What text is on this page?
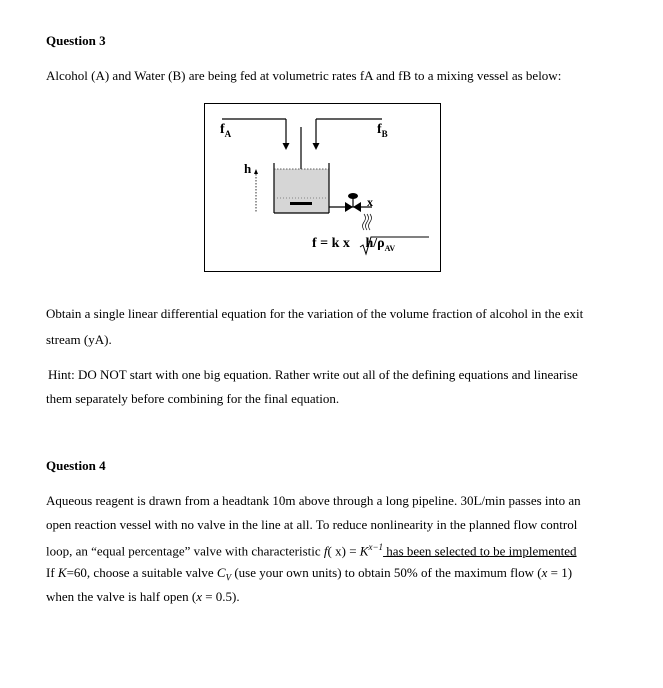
Question 3
Alcohol (A) and Water (B) are being fed at volumetric rates fA and fB to a mixing vessel as below:
$f_A$	$f_B$
h
x
f = k x $h/\rho_{AV}$
Obtain a single linear differential equation for the variation of the volume fraction of alcohol in the exit
stream (yA).
Hint: DO NOT start with one big equation. Rather write out all of the defining equations and linearise
them separately before combining for the final equation.
Question 4
Aqueous reagent is drawn from a headtank 10m above through a long pipeline. 30L/min passes into an
open reaction vessel with no valve in the line at all. To reduce nonlinearity in the planned flow control
loop, an “equal percentage” valve with characteristic f( $x) = K^{x-1}$ has been selected to be implemented
If K=60, choose a suitable valve $C_V$ (use your own units) to obtain 50% of the maximum flow (x = 1)
when the valve is half open (x = 0.5).
